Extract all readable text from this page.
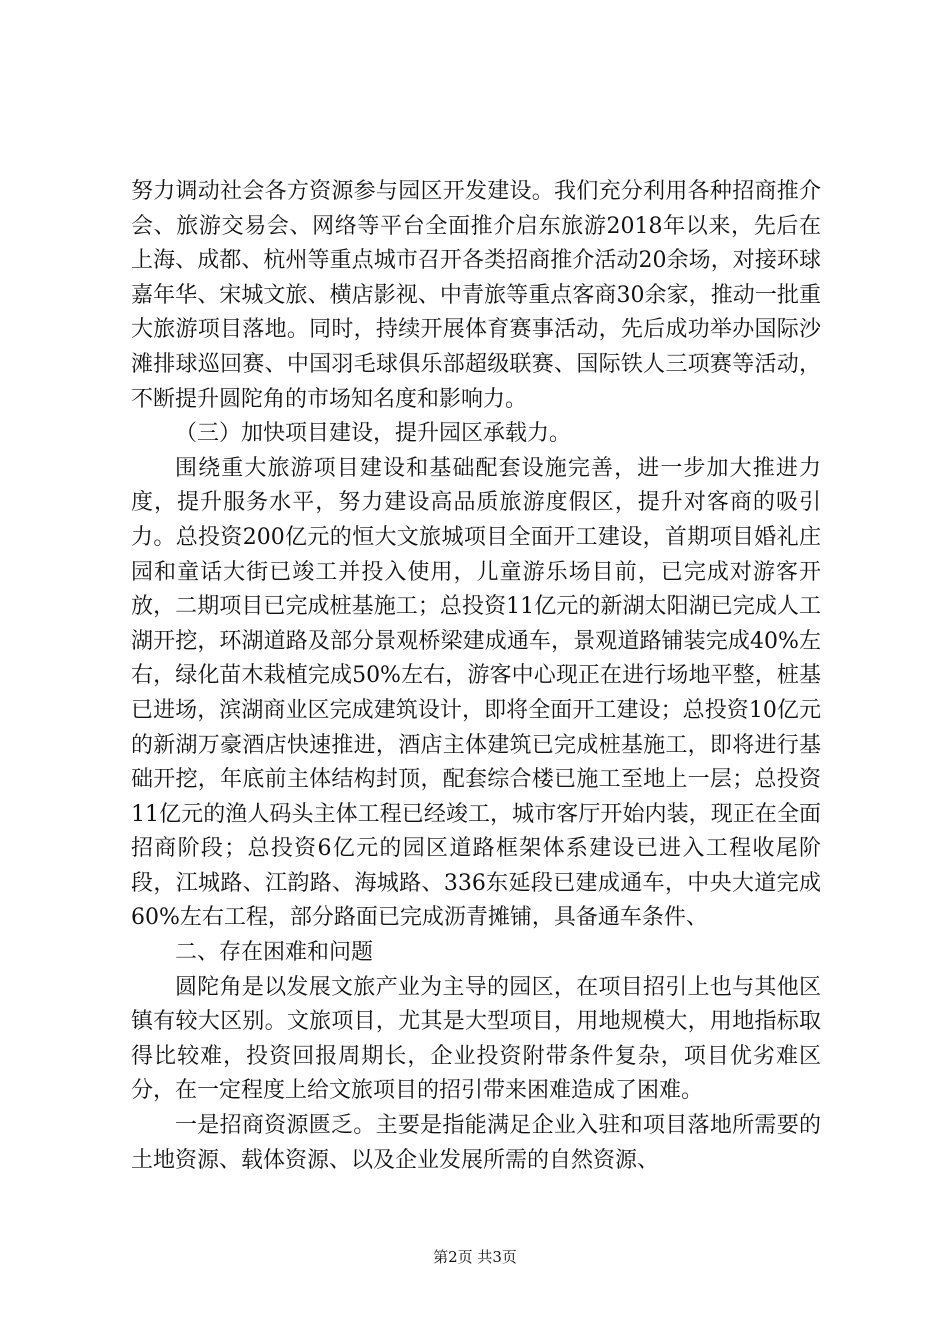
努力调动社会各方资源参与园区开发建设。我们充分利用各种招商推介会、旅游交易会、网络等平台全面推介启东旅游2018年以来，先后在上海、成都、杭州等重点城市召开各类招商推介活动20余场，对接环球嘉年华、宋城文旅、横店影视、中青旅等重点客商30余家，推动一批重大旅游项目落地。同时，持续开展体育赛事活动，先后成功举办国际沙滩排球巡回赛、中国羽毛球俱乐部超级联赛、国际铁人三项赛等活动，不断提升圆陀角的市场知名度和影响力。

（三）加快项目建设，提升园区承载力。

围绕重大旅游项目建设和基础配套设施完善，进一步加大推进力度，提升服务水平，努力建设高品质旅游度假区，提升对客商的吸引力。总投资200亿元的恒大文旅城项目全面开工建设，首期项目婚礼庄园和童话大街已竣工并投入使用，儿童游乐场目前，已完成对游客开放，二期项目已完成桩基施工；总投资11亿元的新湖太阳湖已完成人工湖开挖，环湖道路及部分景观桥梁建成通车，景观道路铺装完成40%左右，绿化苗木栽植完成50%左右，游客中心现正在进行场地平整，桩基已进场，滨湖商业区完成建筑设计，即将全面开工建设；总投资10亿元的新湖万豪酒店快速推进，酒店主体建筑已完成桩基施工，即将进行基础开挖，年底前主体结构封顶，配套综合楼已施工至地上一层；总投资11亿元的渔人码头主体工程已经竣工，城市客厅开始内装，现正在全面招商阶段；总投资6亿元的园区道路框架体系建设已进入工程收尾阶段，江城路、江韵路、海城路、336东延段已建成通车，中央大道完成60%左右工程，部分路面已完成沥青摊铺，具备通车条件、

二、存在困难和问题

圆陀角是以发展文旅产业为主导的园区，在项目招引上也与其他区镇有较大区别。文旅项目，尤其是大型项目，用地规模大，用地指标取得比较难，投资回报周期长，企业投资附带条件复杂，项目优劣难区分，在一定程度上给文旅项目的招引带来困难造成了困难。

一是招商资源匮乏。主要是指能满足企业入驻和项目落地所需要的土地资源、载体资源、以及企业发展所需的自然资源、

第2页 共3页
